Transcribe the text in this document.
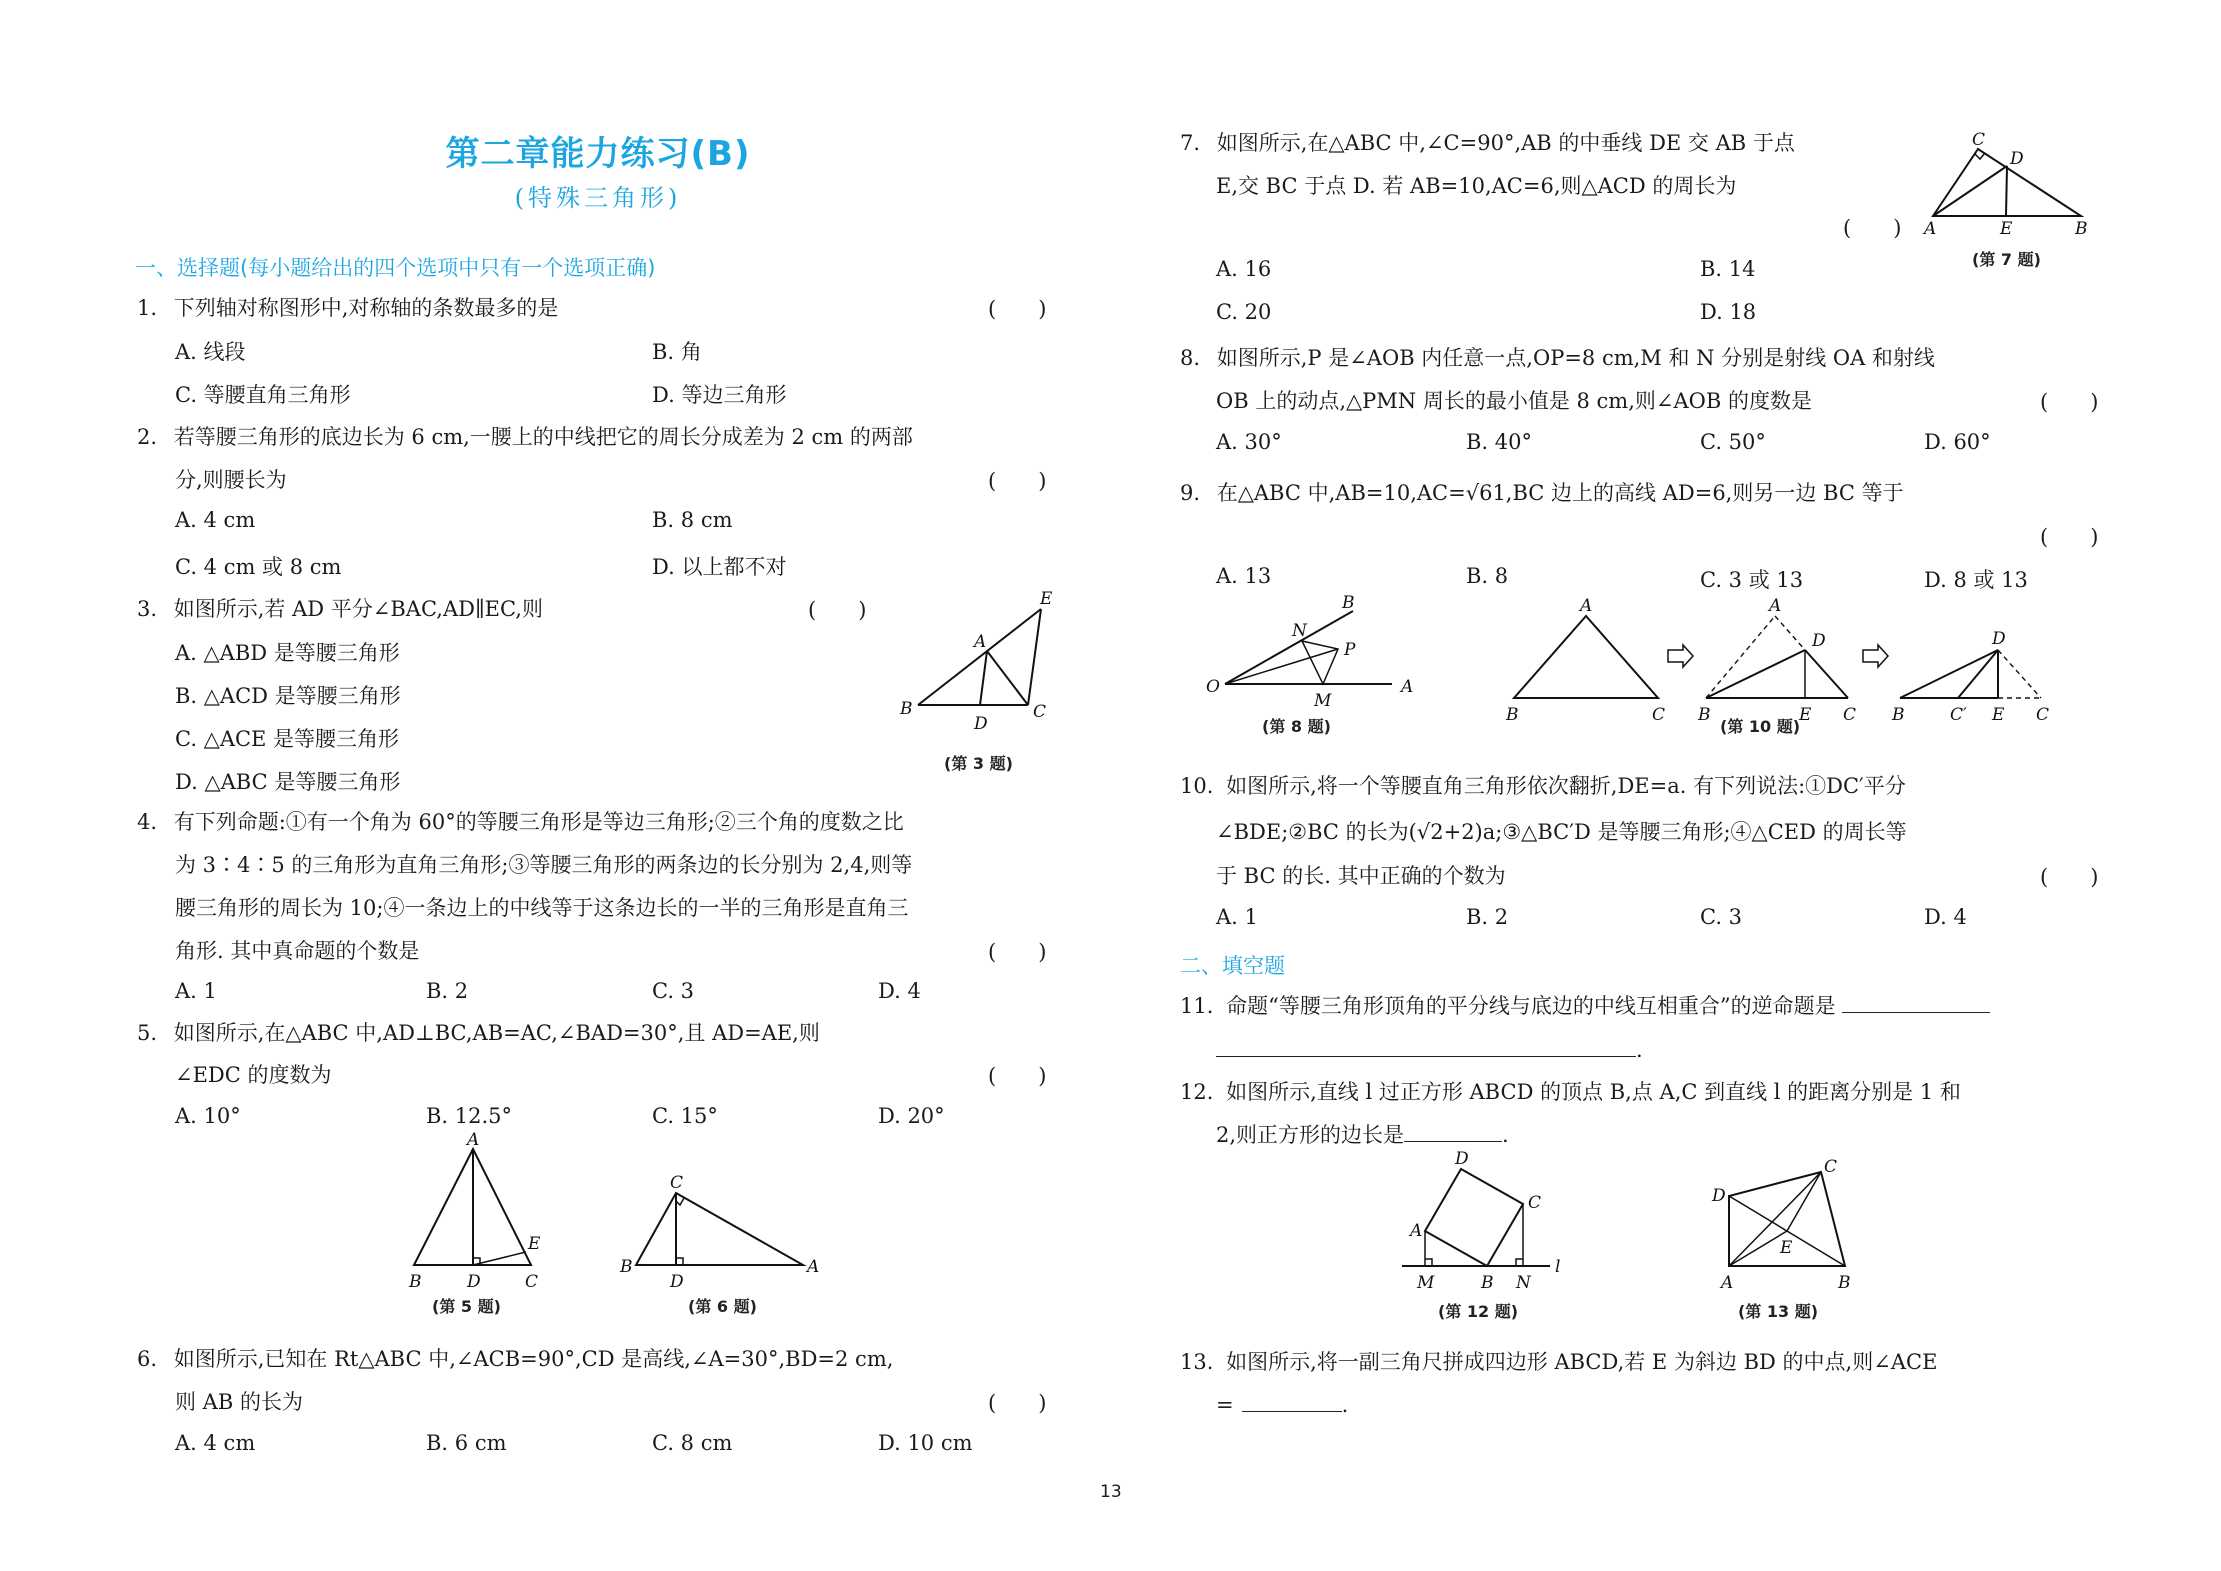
第二章能力练习(B)
(特殊三角形)
一、选择题(每小题给出的四个选项中只有一个选项正确)
1. 下列轴对称图形中,对称轴的条数最多的是	(　　)
A. 线段	B. 角
C. 等腰直角三角形	D. 等边三角形
2. 若等腰三角形的底边长为 6 cm,一腰上的中线把它的周长分成差为 2 cm 的两部
分,则腰长为	(　　)
A. 4 cm	B. 8 cm
C. 4 cm 或 8 cm	D. 以上都不对
3. 如图所示,若 AD 平分∠BAC,AD∥EC,则	(　　)
A. △ABD 是等腰三角形
B. △ACD 是等腰三角形
C. △ACE 是等腰三角形
D. △ABC 是等腰三角形
(第 3 题)
4. 有下列命题:①有一个角为 60°的等腰三角形是等边三角形;②三个角的度数之比
为 3∶4∶5 的三角形为直角三角形;③等腰三角形的两条边的长分别为 2,4,则等
腰三角形的周长为 10;④一条边上的中线等于这条边长的一半的三角形是直角三
角形. 其中真命题的个数是	(　　)
A. 1	B. 2	C. 3	D. 4
5. 如图所示,在△ABC 中,AD⊥BC,AB=AC,∠BAD=30°,且 AD=AE,则
∠EDC 的度数为	(　　)
A. 10°	B. 12.5°	C. 15°	D. 20°
(第 5 题)	(第 6 题)
6. 如图所示,已知在 Rt△ABC 中,∠ACB=90°,CD 是高线,∠A=30°,BD=2 cm,
则 AB 的长为	(　　)
A. 4 cm	B. 6 cm	C. 8 cm	D. 10 cm
7. 如图所示,在△ABC 中,∠C=90°,AB 的中垂线 DE 交 AB 于点
E,交 BC 于点 D. 若 AB=10,AC=6,则△ACD 的周长为
(　　)
A. 16	B. 14
C. 20	D. 18
(第 7 题)
8. 如图所示,P 是∠AOB 内任意一点,OP=8 cm,M 和 N 分别是射线 OA 和射线
OB 上的动点,△PMN 周长的最小值是 8 cm,则∠AOB 的度数是	(　　)
A. 30°	B. 40°	C. 50°	D. 60°
9. 在△ABC 中,AB=10,AC=√61,BC 边上的高线 AD=6,则另一边 BC 等于
(　　)
A. 13	B. 8	C. 3 或 13	D. 8 或 13
(第 8 题)	(第 10 题)
10. 如图所示,将一个等腰直角三角形依次翻折,DE=a. 有下列说法:①DC′平分
∠BDE;②BC 的长为(√2+2)a;③△BC′D 是等腰三角形;④△CED 的周长等
于 BC 的长. 其中正确的个数为	(　　)
A. 1	B. 2	C. 3	D. 4
二、填空题
11. 命题“等腰三角形顶角的平分线与底边的中线互相重合”的逆命题是
.
12. 如图所示,直线 l 过正方形 ABCD 的顶点 B,点 A,C 到直线 l 的距离分别是 1 和
2,则正方形的边长是	.
(第 12 题)	(第 13 题)
13. 如图所示,将一副三角尺拼成四边形 ABCD,若 E 为斜边 BD 的中点,则∠ACE
=	.
13
E
A
B
D
C
A
E
B	D	C
C
B
D
A
C
D
A	E	B
B
N
P
O
M
A
A
B	C
A
D
B	E C
D
B	C′ E C
D
C
A
M	B N
l
C
D
E
A	B
